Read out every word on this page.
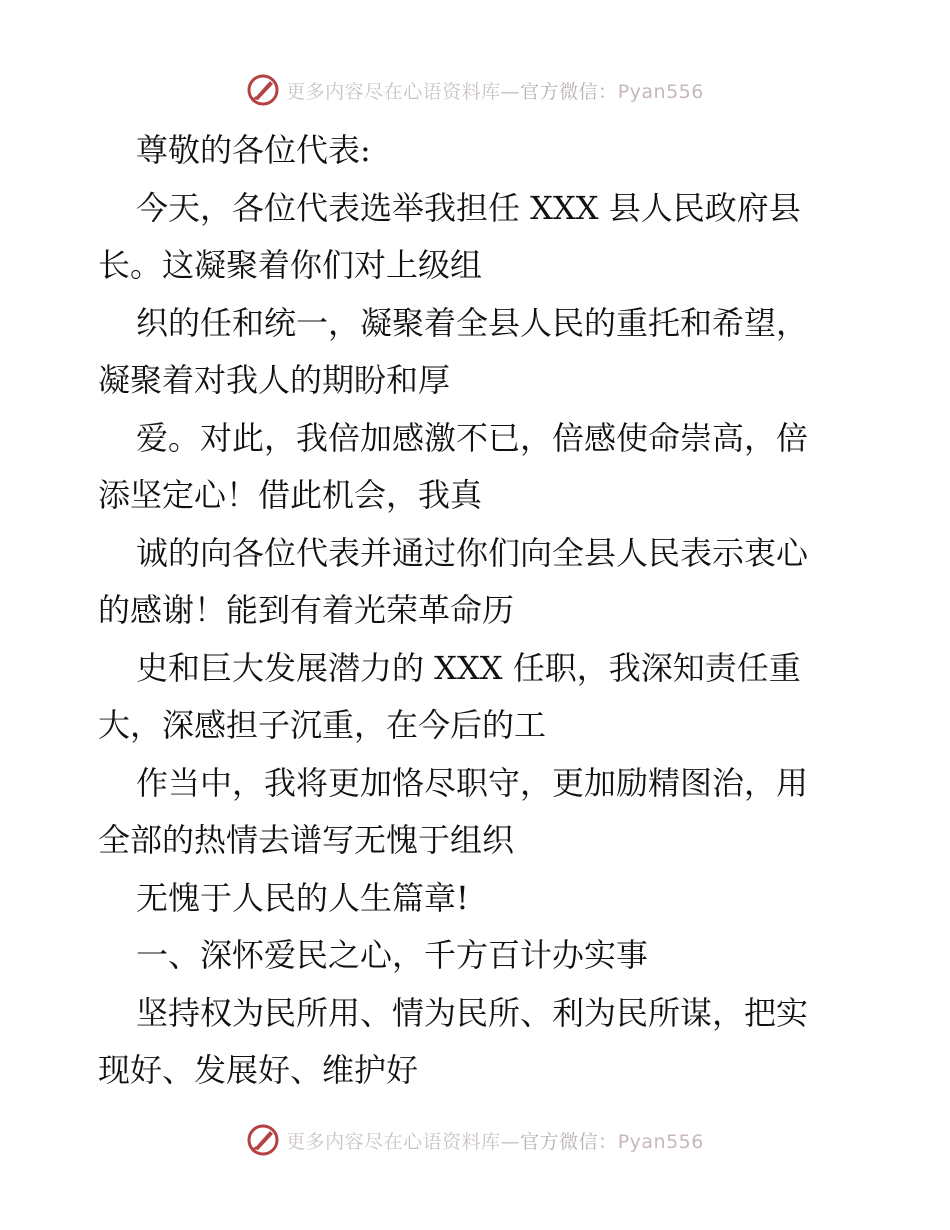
更多内容尽在心语资料库—官方微信：Pyan556
尊敬的各位代表:
今天，各位代表选举我担任 XXX 县人民政府县
长。这凝聚着你们对上级组
织的任和统一，凝聚着全县人民的重托和希望，
凝聚着对我人的期盼和厚
爱。对此，我倍加感激不已，倍感使命崇高，倍
添坚定心！借此机会，我真
诚的向各位代表并通过你们向全县人民表示衷心
的感谢！能到有着光荣革命历
史和巨大发展潜力的 XXX 任职，我深知责任重
大，深感担子沉重，在今后的工
作当中，我将更加恪尽职守，更加励精图治，用
全部的热情去谱写无愧于组织
无愧于人民的人生篇章!
一、深怀爱民之心，千方百计办实事
坚持权为民所用、情为民所、利为民所谋，把实
现好、发展好、维护好
更多内容尽在心语资料库—官方微信：Pyan556
